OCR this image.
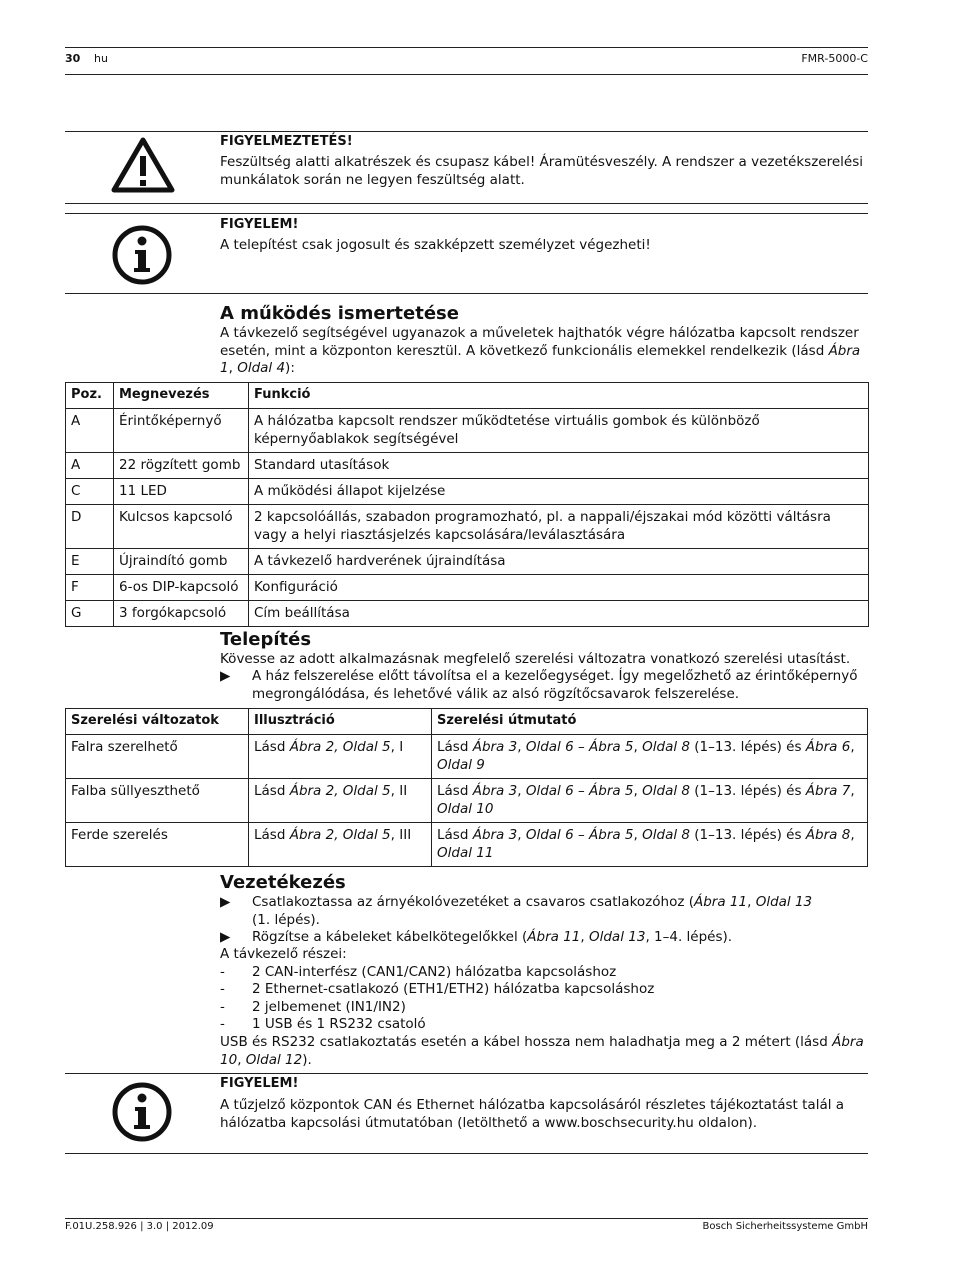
30 hu	FMR-5000-C
FIGYELMEZTETÉS!
Feszültség alatti alkatrészek és csupasz kábel! Áramütésveszély. A rendszer a vezetékszerelési munkálatok során ne legyen feszültség alatt.
FIGYELEM!
A telepítést csak jogosult és szakképzett személyzet végezheti!
A működés ismertetése
A távkezelő segítségével ugyanazok a műveletek hajthatók végre hálózatba kapcsolt rendszer esetén, mint a központon keresztül. A következő funkcionális elemekkel rendelkezik (lásd Ábra 1, Oldal 4):
Poz.	Megnevezés	Funkció
A	Érintőképernyő	A hálózatba kapcsolt rendszer működtetése virtuális gombok és különböző képernyőablakok segítségével
A	22 rögzített gomb	Standard utasítások
C	11 LED	A működési állapot kijelzése
D	Kulcsos kapcsoló	2 kapcsolóállás, szabadon programozható, pl. a nappali/éjszakai mód közötti váltásra vagy a helyi riasztásjelzés kapcsolására/leválasztására
E	Újraindító gomb	A távkezelő hardverének újraindítása
F	6-os DIP-kapcsoló	Konfiguráció
G	3 forgókapcsoló	Cím beállítása
Telepítés
Kövesse az adott alkalmazásnak megfelelő szerelési változatra vonatkozó szerelési utasítást.
▶ A ház felszerelése előtt távolítsa el a kezelőegységet. Így megelőzhető az érintőképernyő megrongálódása, és lehetővé válik az alsó rögzítőcsavarok felszerelése.
Szerelési változatok	Illusztráció	Szerelési útmutató
Falra szerelhető	Lásd Ábra 2, Oldal 5, I	Lásd Ábra 3, Oldal 6 – Ábra 5, Oldal 8 (1–13. lépés) és Ábra 6, Oldal 9
Falba süllyeszthető	Lásd Ábra 2, Oldal 5, II	Lásd Ábra 3, Oldal 6 – Ábra 5, Oldal 8 (1–13. lépés) és Ábra 7, Oldal 10
Ferde szerelés	Lásd Ábra 2, Oldal 5, III	Lásd Ábra 3, Oldal 6 – Ábra 5, Oldal 8 (1–13. lépés) és Ábra 8, Oldal 11
Vezetékezés
▶ Csatlakoztassa az árnyékolóvezetéket a csavaros csatlakozóhoz (Ábra 11, Oldal 13
(1. lépés).
▶ Rögzítse a kábeleket kábelkötegelőkkel (Ábra 11, Oldal 13, 1–4. lépés).
A távkezelő részei:
- 2 CAN-interfész (CAN1/CAN2) hálózatba kapcsoláshoz
- 2 Ethernet-csatlakozó (ETH1/ETH2) hálózatba kapcsoláshoz
- 2 jelbemenet (IN1/IN2)
- 1 USB és 1 RS232 csatoló
USB és RS232 csatlakoztatás esetén a kábel hossza nem haladhatja meg a 2 métert (lásd Ábra 10, Oldal 12).
FIGYELEM!
A tűzjelző központok CAN és Ethernet hálózatba kapcsolásáról részletes tájékoztatást talál a hálózatba kapcsolási útmutatóban (letölthető a www.boschsecurity.hu oldalon).
F.01U.258.926 | 3.0 | 2012.09	Bosch Sicherheitssysteme GmbH
